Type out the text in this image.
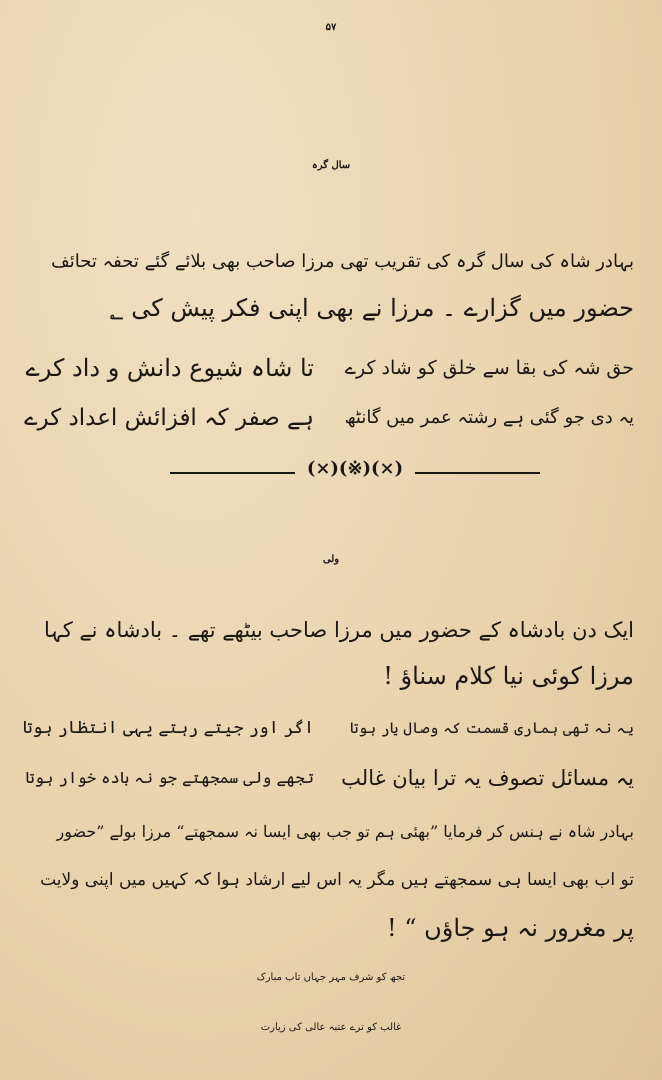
۵۷
سال گرہ
بہادر شاہ کی سال گرہ کی تقریب تھی مرزا صاحب بھی بلائے گئے تحفہ تحائف
حضور میں گزارے ۔ مرزا نے بھی اپنی فکر پیش کی ؂
حق شہ کی بقا سے خلق کو شاد کرے
تا شاہ شیوع دانش و داد کرے
یہ دی جو گئی ہے رشتہ عمر میں گانٹھ
ہے صفر کہ افزائش اعداد کرے
(×)(※)(×)
ولی
ایک دن بادشاہ کے حضور میں مرزا صاحب بیٹھے تھے ۔ بادشاہ نے کہا
مرزا کوئی نیا کلام سناؤ !
یہ نہ تھی ہماری قسمت کہ وصال یار ہوتا
اگر اور جیتے رہتے یہی انتظار ہوتا
یہ مسائل تصوف یہ ترا بیان غالب
تجھے ولی سمجھتے جو نہ بادہ خوار ہوتا
بہادر شاہ نے ہنس کر فرمایا ”بھئی ہم تو جب بھی ایسا نہ سمجھتے“ مرزا بولے ”حضور
تو اب بھی ایسا ہی سمجھتے ہیں مگر یہ اس لیے ارشاد ہوا کہ کہیں میں اپنی ولایت
پر مغرور نہ ہو جاؤں “ !
تجھ کو شرف مہر جہاں تاب مبارک
غالب کو ترے عتبہ عالی کی زیارت
